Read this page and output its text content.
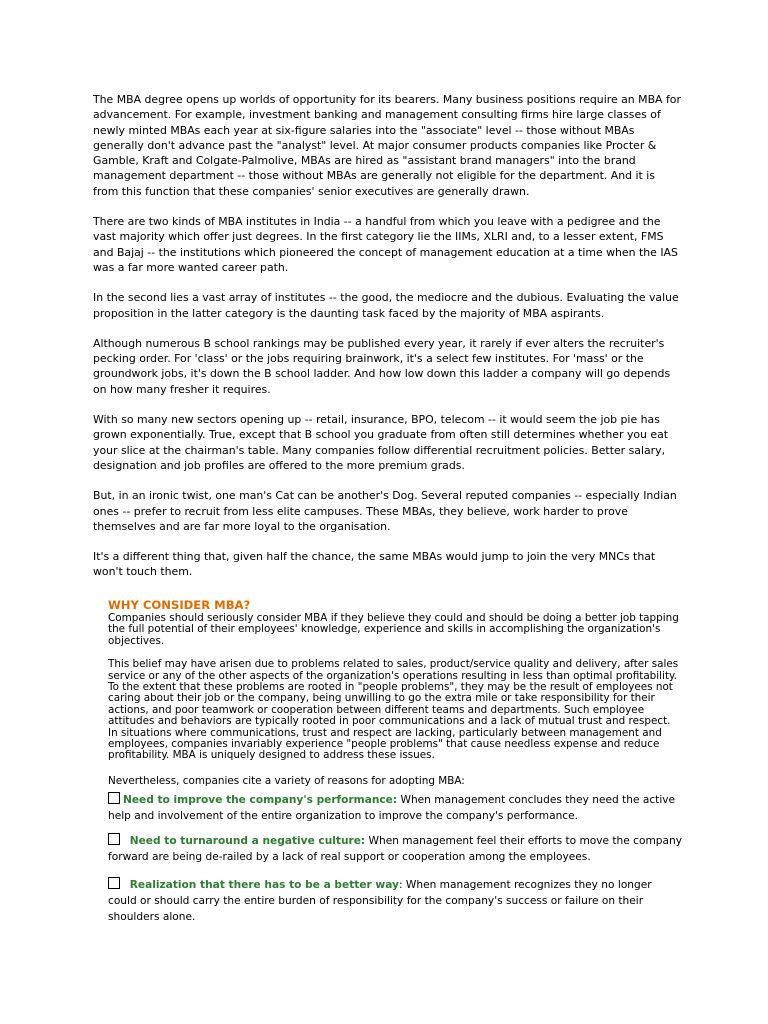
The MBA degree opens up worlds of opportunity for its bearers. Many business positions require an MBA for advancement. For example, investment banking and management consulting firms hire large classes of newly minted MBAs each year at six-figure salaries into the "associate" level -- those without MBAs generally don't advance past the "analyst" level. At major consumer products companies like Procter & Gamble, Kraft and Colgate-Palmolive, MBAs are hired as "assistant brand managers" into the brand management department -- those without MBAs are generally not eligible for the department. And it is from this function that these companies' senior executives are generally drawn.

There are two kinds of MBA institutes in India -- a handful from which you leave with a pedigree and the vast majority which offer just degrees. In the first category lie the IIMs, XLRI and, to a lesser extent, FMS and Bajaj -- the institutions which pioneered the concept of management education at a time when the IAS was a far more wanted career path.

In the second lies a vast array of institutes -- the good, the mediocre and the dubious. Evaluating the value proposition in the latter category is the daunting task faced by the majority of MBA aspirants.

Although numerous B school rankings may be published every year, it rarely if ever alters the recruiter's pecking order. For 'class' or the jobs requiring brainwork, it's a select few institutes. For 'mass' or the groundwork jobs, it's down the B school ladder. And how low down this ladder a company will go depends on how many fresher it requires.

With so many new sectors opening up -- retail, insurance, BPO, telecom -- it would seem the job pie has grown exponentially. True, except that B school you graduate from often still determines whether you eat your slice at the chairman's table. Many companies follow differential recruitment policies. Better salary, designation and job profiles are offered to the more premium grads.

But, in an ironic twist, one man's Cat can be another's Dog. Several reputed companies -- especially Indian ones -- prefer to recruit from less elite campuses. These MBAs, they believe, work harder to prove themselves and are far more loyal to the organisation.

It's a different thing that, given half the chance, the same MBAs would jump to join the very MNCs that won't touch them.

WHY CONSIDER MBA?

Companies should seriously consider MBA if they believe they could and should be doing a better job tapping the full potential of their employees' knowledge, experience and skills in accomplishing the organization's objectives.

This belief may have arisen due to problems related to sales, product/service quality and delivery, after sales service or any of the other aspects of the organization's operations resulting in less than optimal profitability.

To the extent that these problems are rooted in "people problems", they may be the result of employees not caring about their job or the company, being unwilling to go the extra mile or take responsibility for their actions, and poor teamwork or cooperation between different teams and departments. Such employee attitudes and behaviors are typically rooted in poor communications and a lack of mutual trust and respect. In situations where communications, trust and respect are lacking, particularly between management and employees, companies invariably experience "people problems" that cause needless expense and reduce profitability. MBA is uniquely designed to address these issues.

Nevertheless, companies cite a variety of reasons for adopting MBA:

Need to improve the company's performance: When management concludes they need the active help and involvement of the entire organization to improve the company's performance.

Need to turnaround a negative culture: When management feel their efforts to move the company forward are being de-railed by a lack of real support or cooperation among the employees.

Realization that there has to be a better way: When management recognizes they no longer could or should carry the entire burden of responsibility for the company's success or failure on their shoulders alone.
